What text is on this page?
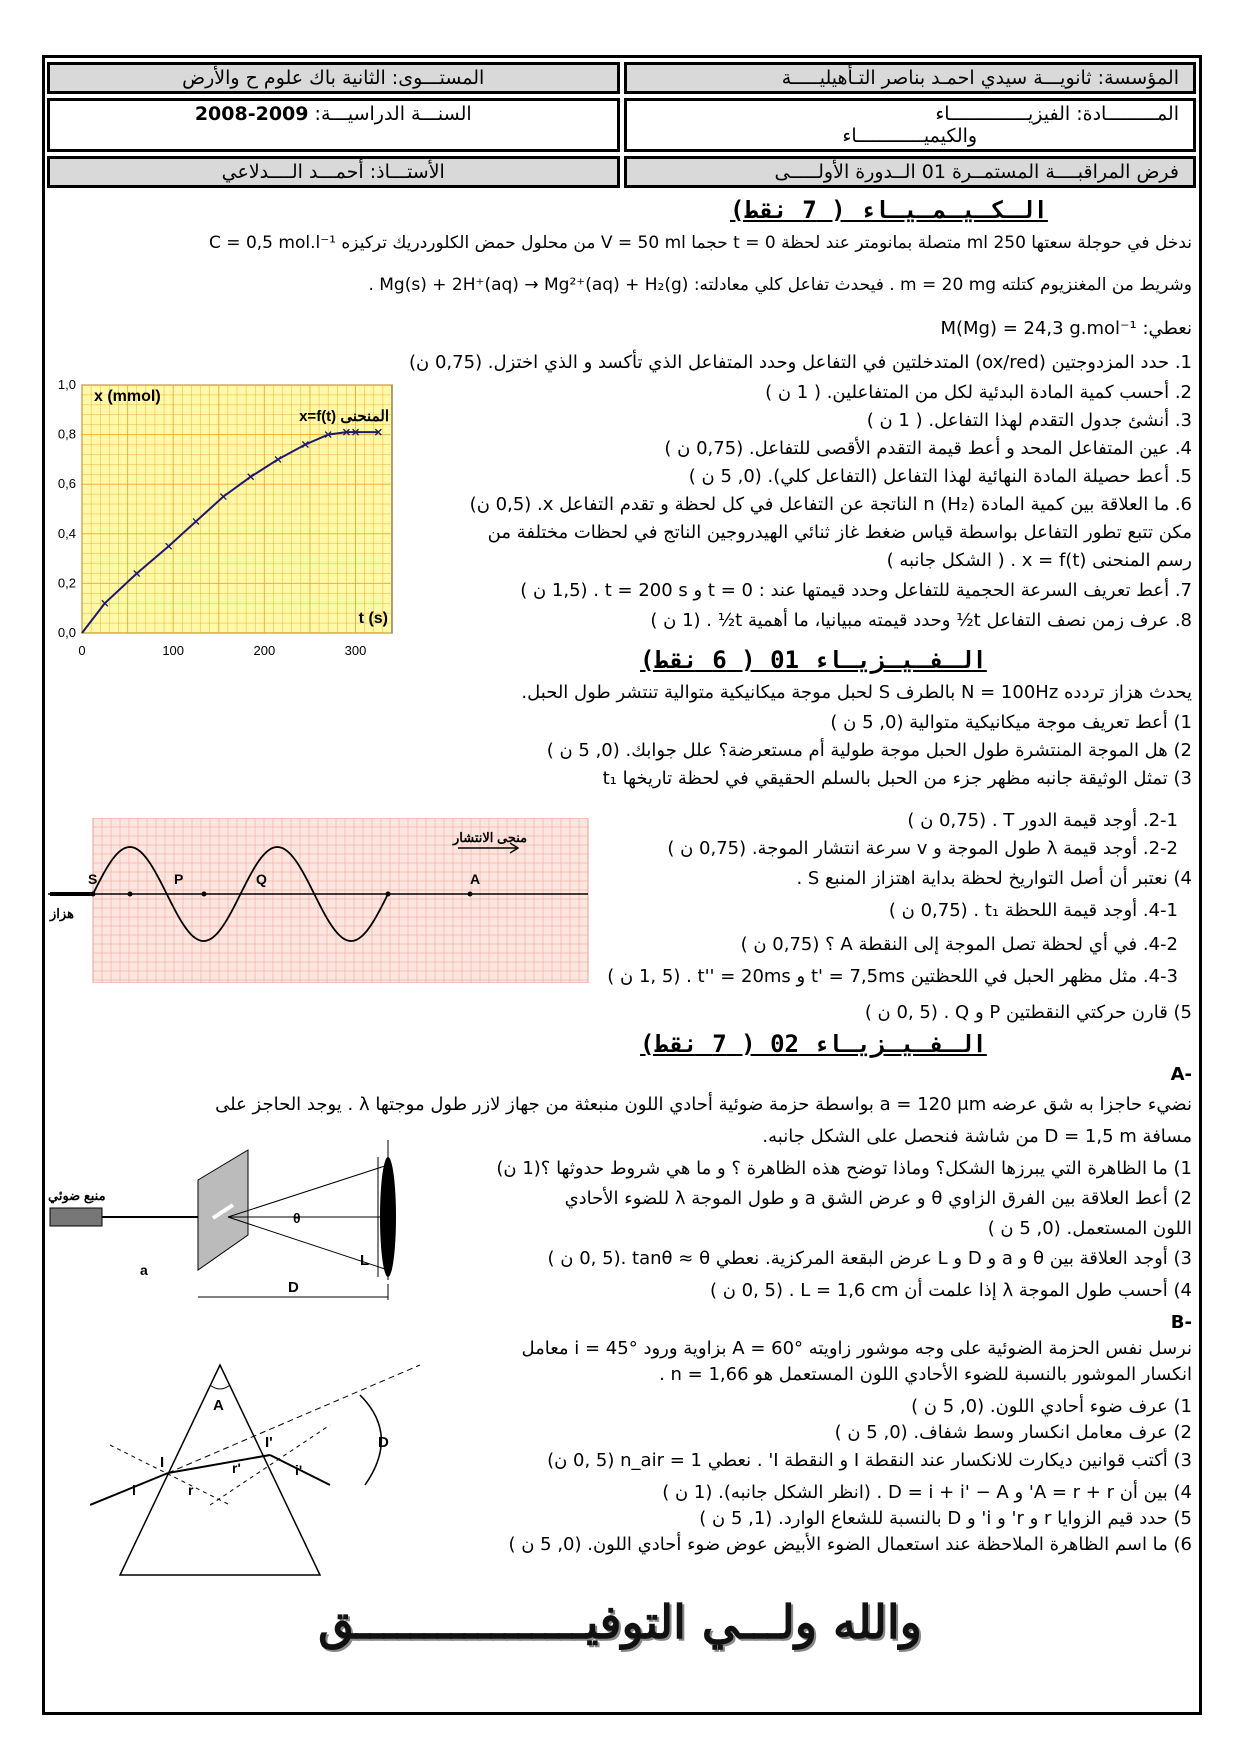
المؤسسة: ثانويـــة سيدي احمـد بناصر التـأهيليـــــة
المستـــوى: الثانية باك علوم ح والأرض
المـــــــــادة: الفيزيــــــــــــــاء
والكيميــــــــــــاء
السنـــة الدراسيـــة: 2009-2008
فرض المراقبــــة المستمــرة 01 الــدورة الأولـــــى
الأستـــاذ: أحمـــد الــــدلاعي
الـكـيـمـيـاء ( 7 نقط)
ندخل في حوجلة سعتها 250 ml متصلة بمانومتر عند لحظة t = 0 حجما V = 50 ml من محلول حمض الكلوردريك تركيزه C = 0,5 mol.l⁻¹
وشريط من المغنزيوم كتلته m = 20 mg . فيحدث تفاعل كلي معادلته: Mg(s) + 2H⁺(aq) → Mg²⁺(aq) + H₂(g) .
نعطي: M(Mg) = 24,3 g.mol⁻¹
1. حدد المزدوجتين (ox/red) المتدخلتين في التفاعل وحدد المتفاعل الذي تأكسد و الذي اختزل. (0,75 ن)
2. أحسب كمية المادة البدئية لكل من المتفاعلين. ( 1 ن )
3. أنشئ جدول التقدم لهذا التفاعل. ( 1 ن )
4. عين المتفاعل المحد و أعط قيمة التقدم الأقصى للتفاعل. (0,75 ن )
5. أعط حصيلة المادة النهائية لهذا التفاعل (التفاعل كلي). (0, 5 ن )
6. ما العلاقة بين كمية المادة n (H₂) الناتجة عن التفاعل في كل لحظة و تقدم التفاعل x. (0,5 ن)
مكن تتبع تطور التفاعل بواسطة قياس ضغط غاز ثنائي الهيدروجين الناتج في لحظات مختلفة من
رسم المنحنى x = f(t) . ( الشكل جانبه )
7. أعط تعريف السرعة الحجمية للتفاعل وحدد قيمتها عند : t = 0 و t = 200 s . (1,5 ن )
8. عرف زمن نصف التفاعل t½ وحدد قيمته مبيانيا، ما أهمية t½ . (1 ن )
0	100	200	300
0,0
0,2
0,4
0,6
0,8
1,0
x (mmol)
x=f(t) المنحنى
t (s)
الـفـيـزيـاء 01 ( 6 نقط)
يحدث هزاز تردده N = 100Hz بالطرف S لحبل موجة ميكانيكية متوالية تنتشر طول الحبل.
1) أعط تعريف موجة ميكانيكية متوالية (0, 5 ن )
2) هل الموجة المنتشرة طول الحبل موجة طولية أم مستعرضة؟ علل جوابك. (0, 5 ن )
3) تمثل الوثيقة جانبه مظهر جزء من الحبل بالسلم الحقيقي في لحظة تاريخها t₁
2-1. أوجد قيمة الدور T . (0,75 ن )
2-2. أوجد قيمة λ طول الموجة و v سرعة انتشار الموجة. (0,75 ن )
4) نعتبر أن أصل التواريخ لحظة بداية اهتزاز المنبع S .
4-1. أوجد قيمة اللحظة t₁ . (0,75 ن )
4-2. في أي لحظة تصل الموجة إلى النقطة A ؟ (0,75 ن )
4-3. مثل مظهر الحبل في اللحظتين t' = 7,5ms و t'' = 20ms . (1, 5 ن )
5) قارن حركتي النقطتين P و Q . (0, 5 ن )
S	P	Q	A
هزاز
منحى الانتشار
الـفـيـزيـاء 02 ( 7 نقط)
-A
نضيء حاجزا به شق عرضه a = 120 μm بواسطة حزمة ضوئية أحادي اللون منبعثة من جهاز لازر طول موجتها λ . يوجد الحاجز على
مسافة D = 1,5 m من شاشة فنحصل على الشكل جانبه.
1) ما الظاهرة التي يبرزها الشكل؟ وماذا توضح هذه الظاهرة ؟ و ما هي شروط حدوثها ؟(1 ن)
2) أعط العلاقة بين الفرق الزاوي θ و عرض الشق a و طول الموجة λ للضوء الأحادي
اللون المستعمل. (0, 5 ن )
3) أوجد العلاقة بين θ و a و D و L عرض البقعة المركزية. نعطي tanθ ≈ θ .(0, 5 ن )
4) أحسب طول الموجة λ إذا علمت أن L = 1,6 cm . (0, 5 ن )
منبع ضوئي
θ
L
a
D
-B
نرسل نفس الحزمة الضوئية على وجه موشور زاويته A = 60° بزاوية ورود i = 45° معامل
انكسار الموشور بالنسبة للضوء الأحادي اللون المستعمل هو n = 1,66 .
1) عرف ضوء أحادي اللون. (0, 5 ن )
2) عرف معامل انكسار وسط شفاف. (0, 5 ن )
3) أكتب قوانين ديكارت للانكسار عند النقطة I و النقطة I' . نعطي n_air = 1 (0, 5 ن)
4) بين أن A = r + r' و D = i + i' − A . (انظر الشكل جانبه). (1 ن )
5) حدد قيم الزوايا r و r' و i' و D بالنسبة للشعاع الوارد. (1, 5 ن )
6) ما اسم الظاهرة الملاحظة عند استعمال الضوء الأبيض عوض ضوء أحادي اللون. (0, 5 ن )
A
I
I'
i	r
r'	i'
D
والله ولـــي التوفيـــــــــــــــــق
